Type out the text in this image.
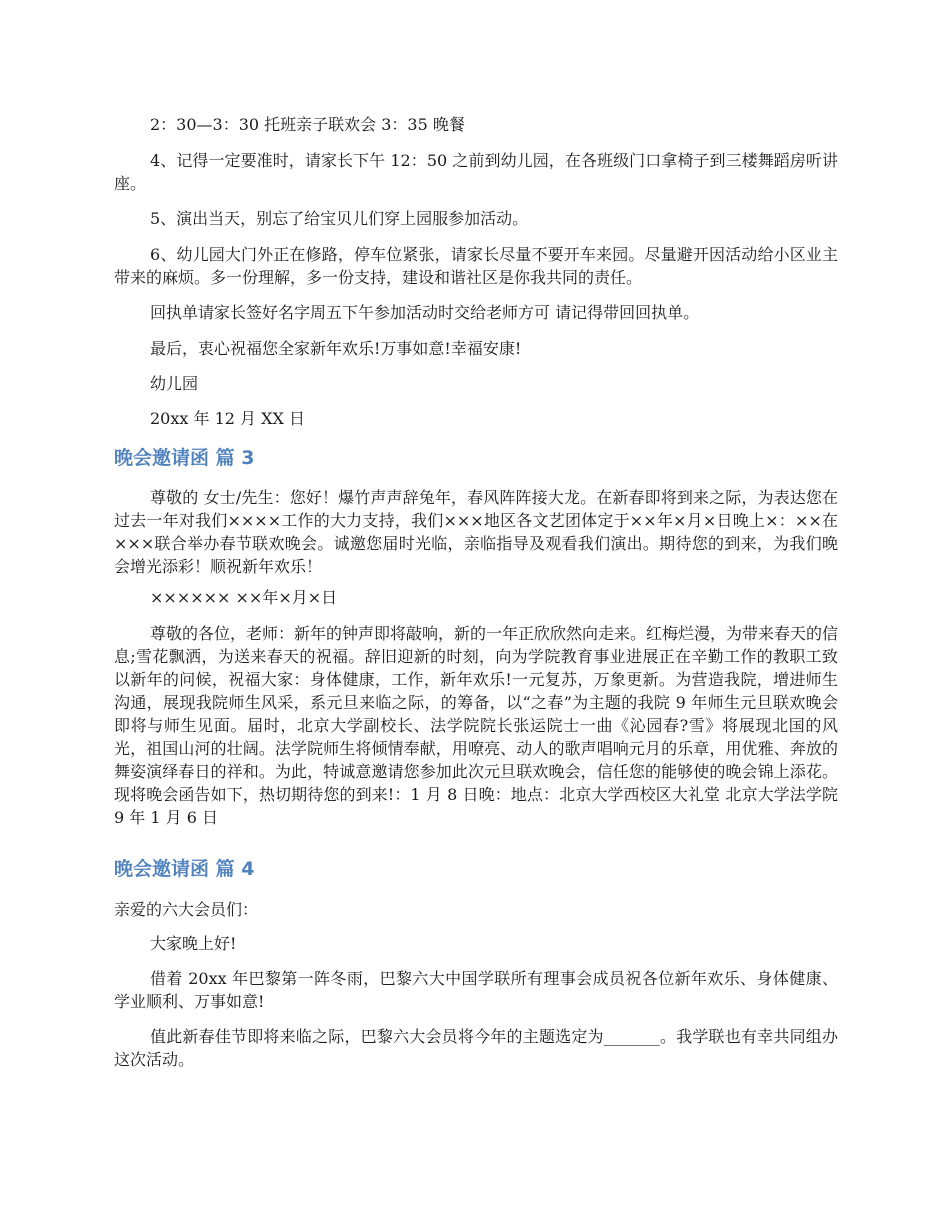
2：30—3：30 托班亲子联欢会 3：35 晚餐

4、记得一定要准时，请家长下午 12：50 之前到幼儿园，在各班级门口拿椅子到三楼舞蹈房听讲座。

5、演出当天，别忘了给宝贝儿们穿上园服参加活动。

6、幼儿园大门外正在修路，停车位紧张，请家长尽量不要开车来园。尽量避开因活动给小区业主带来的麻烦。多一份理解，多一份支持，建设和谐社区是你我共同的责任。

回执单请家长签好名字周五下午参加活动时交给老师方可 请记得带回回执单。

最后，衷心祝福您全家新年欢乐!万事如意!幸福安康!

幼儿园

20xx 年 12 月 XX 日

晚会邀请函 篇 3

尊敬的 女士/先生：您好！爆竹声声辞兔年，春风阵阵接大龙。在新春即将到来之际，为表达您在过去一年对我们××××工作的大力支持，我们×××地区各文艺团体定于××年×月×日晚上×：××在×××联合举办春节联欢晚会。诚邀您届时光临，亲临指导及观看我们演出。期待您的到来，为我们晚会增光添彩！顺祝新年欢乐！

×××××× ××年×月×日

尊敬的各位，老师：新年的钟声即将敲响，新的一年正欣欣然向走来。红梅烂漫，为带来春天的信息;雪花飘洒，为送来春天的祝福。辞旧迎新的时刻，向为学院教育事业进展正在辛勤工作的教职工致以新年的问候，祝福大家：身体健康，工作，新年欢乐!一元复苏，万象更新。为营造我院，增进师生沟通，展现我院师生风采，系元旦来临之际，的筹备，以“之春”为主题的我院 9 年师生元旦联欢晚会即将与师生见面。届时，北京大学副校长、法学院院长张运院士一曲《沁园春?雪》将展现北国的风光，祖国山河的壮阔。法学院师生将倾情奉献，用嘹亮、动人的歌声唱响元月的乐章，用优雅、奔放的舞姿演绎春日的祥和。为此，特诚意邀请您参加此次元旦联欢晚会，信任您的能够使的晚会锦上添花。现将晚会函告如下，热切期待您的到来!：1 月 8 日晚：地点：北京大学西校区大礼堂 北京大学法学院 9 年 1 月 6 日

晚会邀请函 篇 4

亲爱的六大会员们：

大家晚上好!

借着 20xx 年巴黎第一阵冬雨，巴黎六大中国学联所有理事会成员祝各位新年欢乐、身体健康、学业顺利、万事如意!

值此新春佳节即将来临之际，巴黎六大会员将今年的主题选定为_______。我学联也有幸共同组办这次活动。
